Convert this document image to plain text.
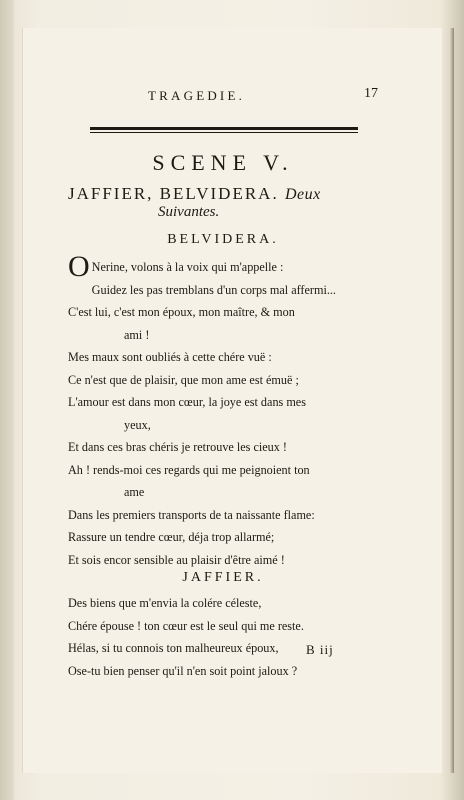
TRAGEDIE.	17
SCENE V.
JAFFIER, BELVIDERA. Deux
Suivantes.
BELVIDERA.
O Nerine, volons à la voix qui m'appelle :
Guidez les pas tremblans d'un corps mal affermi...
C'est lui, c'est mon époux, mon maître, & mon
ami !
Mes maux sont oubliés à cette chére vuë :
Ce n'est que de plaisir, que mon ame est émuë ;
L'amour est dans mon cœur, la joye est dans mes
yeux,
Et dans ces bras chéris je retrouve les cieux !
Ah ! rends-moi ces regards qui me peignoient ton
ame
Dans les premiers transports de ta naissante flame:
Rassure un tendre cœur, déja trop allarmé;
Et sois encor sensible au plaisir d'être aimé !
JAFFIER.
Des biens que m'envia la colére céleste,
Chére épouse ! ton cœur est le seul qui me reste.
Hélas, si tu connois ton malheureux époux,
Ose-tu bien penser qu'il n'en soit point jaloux ?
B iij
